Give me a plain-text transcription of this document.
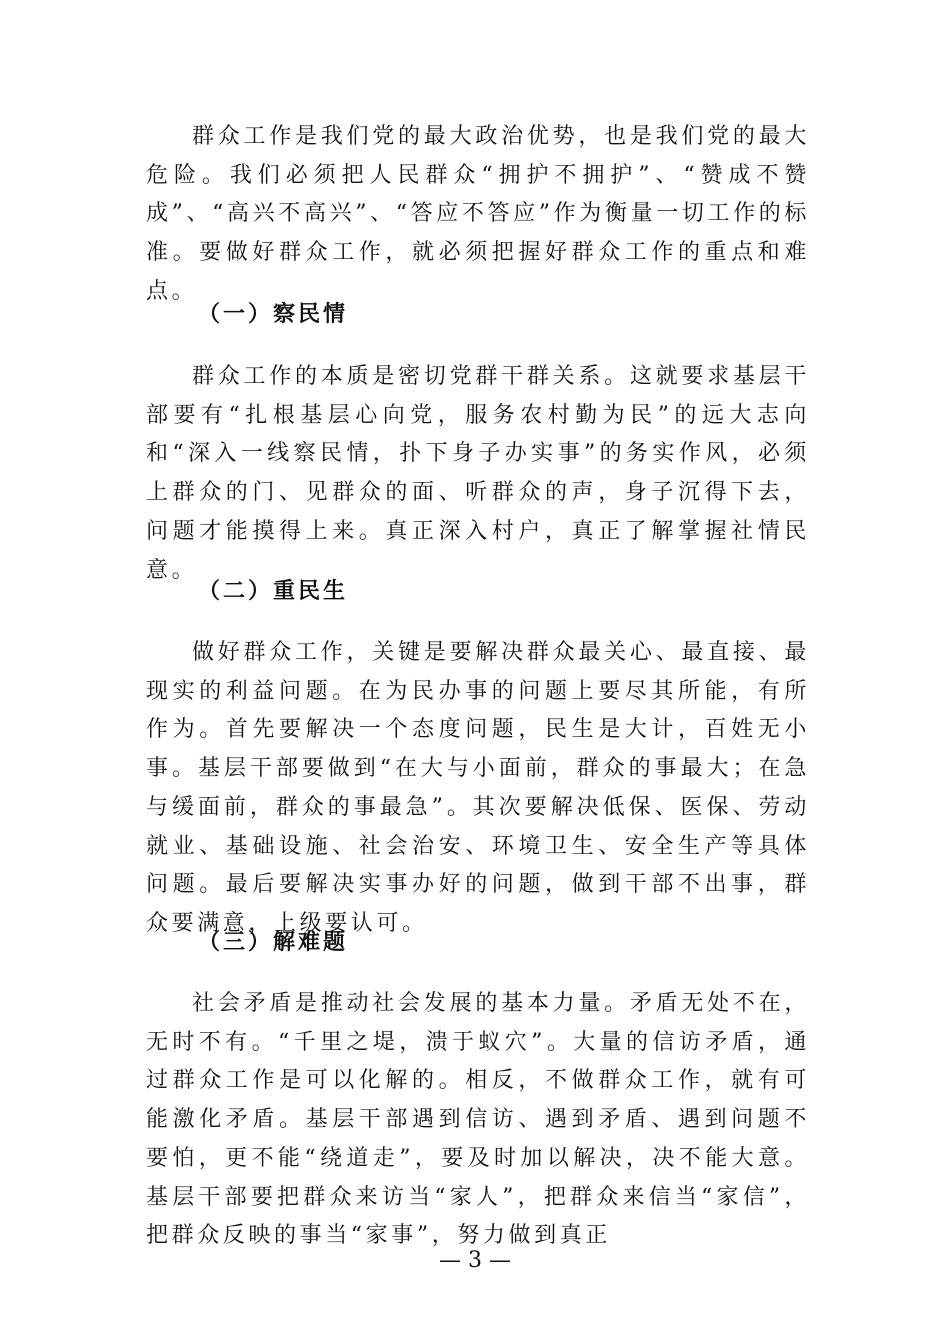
群众工作是我们党的最大政治优势，也是我们党的最大危险。我们必须把人民群众“拥护不拥护”、“赞成不赞成”、“高兴不高兴”、“答应不答应”作为衡量一切工作的标准。要做好群众工作，就必须把握好群众工作的重点和难点。

（一）察民情

群众工作的本质是密切党群干群关系。这就要求基层干部要有“扎根基层心向党，服务农村勤为民”的远大志向和“深入一线察民情，扑下身子办实事”的务实作风，必须上群众的门、见群众的面、听群众的声，身子沉得下去，问题才能摸得上来。真正深入村户，真正了解掌握社情民意。

（二）重民生

做好群众工作，关键是要解决群众最关心、最直接、最现实的利益问题。在为民办事的问题上要尽其所能，有所作为。首先要解决一个态度问题，民生是大计，百姓无小事。基层干部要做到“在大与小面前，群众的事最大；在急与缓面前，群众的事最急”。其次要解决低保、医保、劳动就业、基础设施、社会治安、环境卫生、安全生产等具体问题。最后要解决实事办好的问题，做到干部不出事，群众要满意，上级要认可。

（三）解难题

社会矛盾是推动社会发展的基本力量。矛盾无处不在，无时不有。“千里之堤，溃于蚁穴”。大量的信访矛盾，通过群众工作是可以化解的。相反，不做群众工作，就有可能激化矛盾。基层干部遇到信访、遇到矛盾、遇到问题不要怕，更不能“绕道走”，要及时加以解决，决不能大意。基层干部要把群众来访当“家人”，把群众来信当“家信”，把群众反映的事当“家事”，努力做到真正

— 3 —
